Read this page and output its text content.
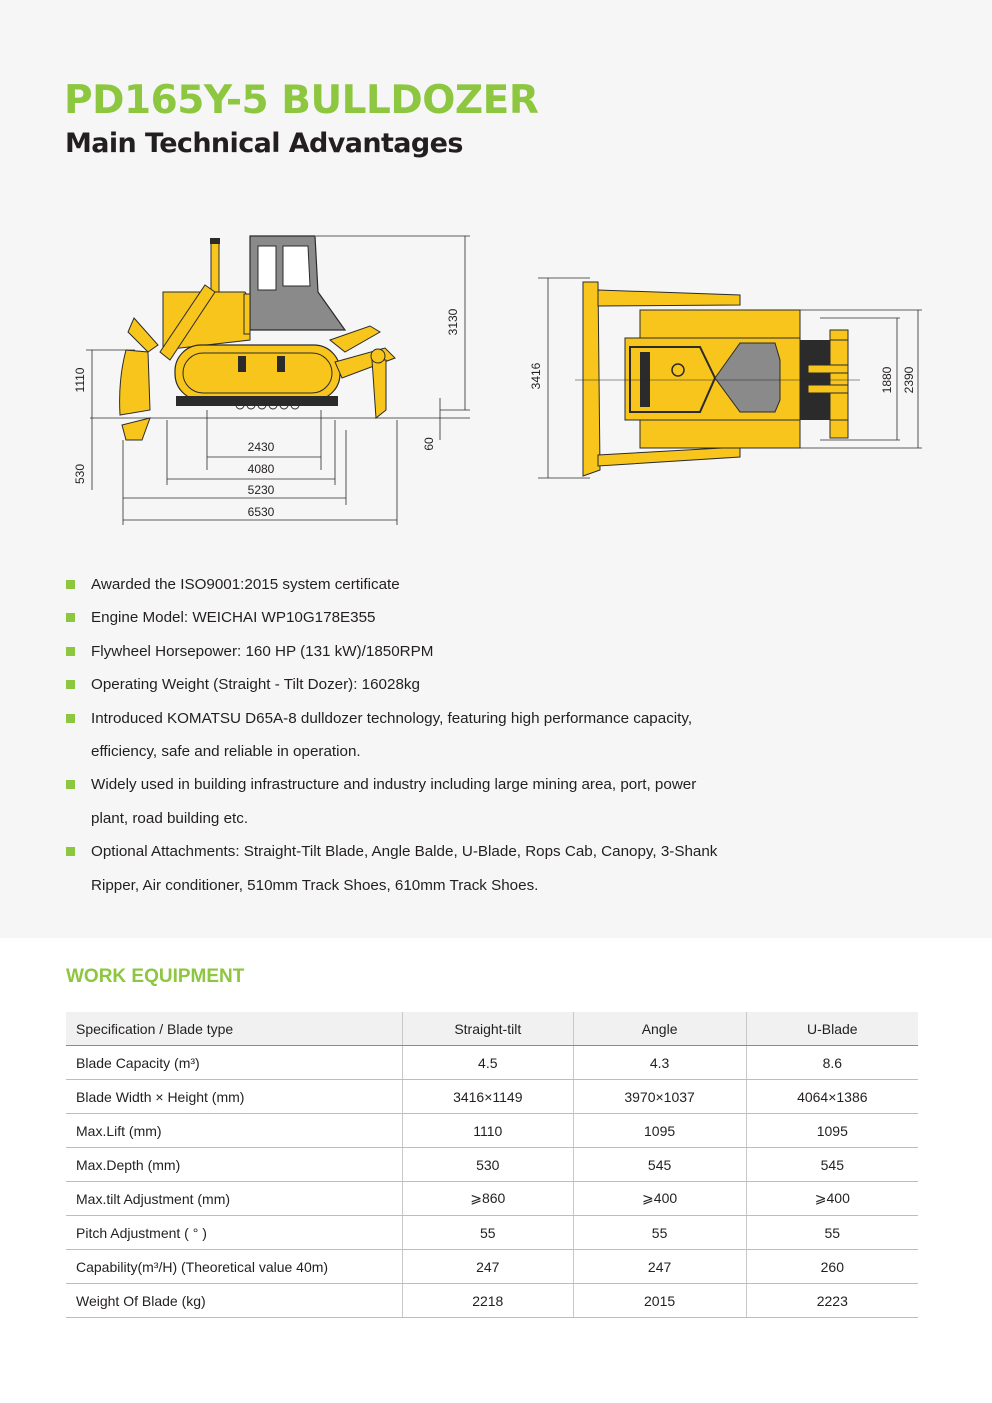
PD165Y-5 BULLDOZER
Main Technical Advantages
3130
1110
530
60
2430
4080
5230
6530
3416	1880 2390
Awarded the ISO9001:2015 system certificate
Engine Model: WEICHAI WP10G178E355
Flywheel Horsepower: 160 HP (131 kW)/1850RPM
Operating Weight (Straight - Tilt Dozer): 16028kg
Introduced KOMATSU D65A-8 dulldozer technology, featuring high performance capacity,
efficiency, safe and reliable in operation.
Widely used in building infrastructure and industry including large mining area, port, power
plant, road building etc.
Optional Attachments: Straight-Tilt Blade, Angle Balde, U-Blade, Rops Cab, Canopy, 3-Shank
Ripper, Air conditioner, 510mm Track Shoes, 610mm Track Shoes.
WORK EQUIPMENT
Specification / Blade type	Straight-tilt	Angle	U-Blade
Blade Capacity (m³)	4.5	4.3	8.6
Blade Width × Height (mm)	3416×1149	3970×1037	4064×1386
Max.Lift (mm)	1110	1095	1095
Max.Depth (mm)	530	545	545
Max.tilt Adjustment (mm)	⩾860	⩾400	⩾400
Pitch Adjustment ( ° )	55	55	55
Capability(m³/H) (Theoretical value 40m)	247	247	260
Weight Of Blade (kg)	2218	2015	2223
